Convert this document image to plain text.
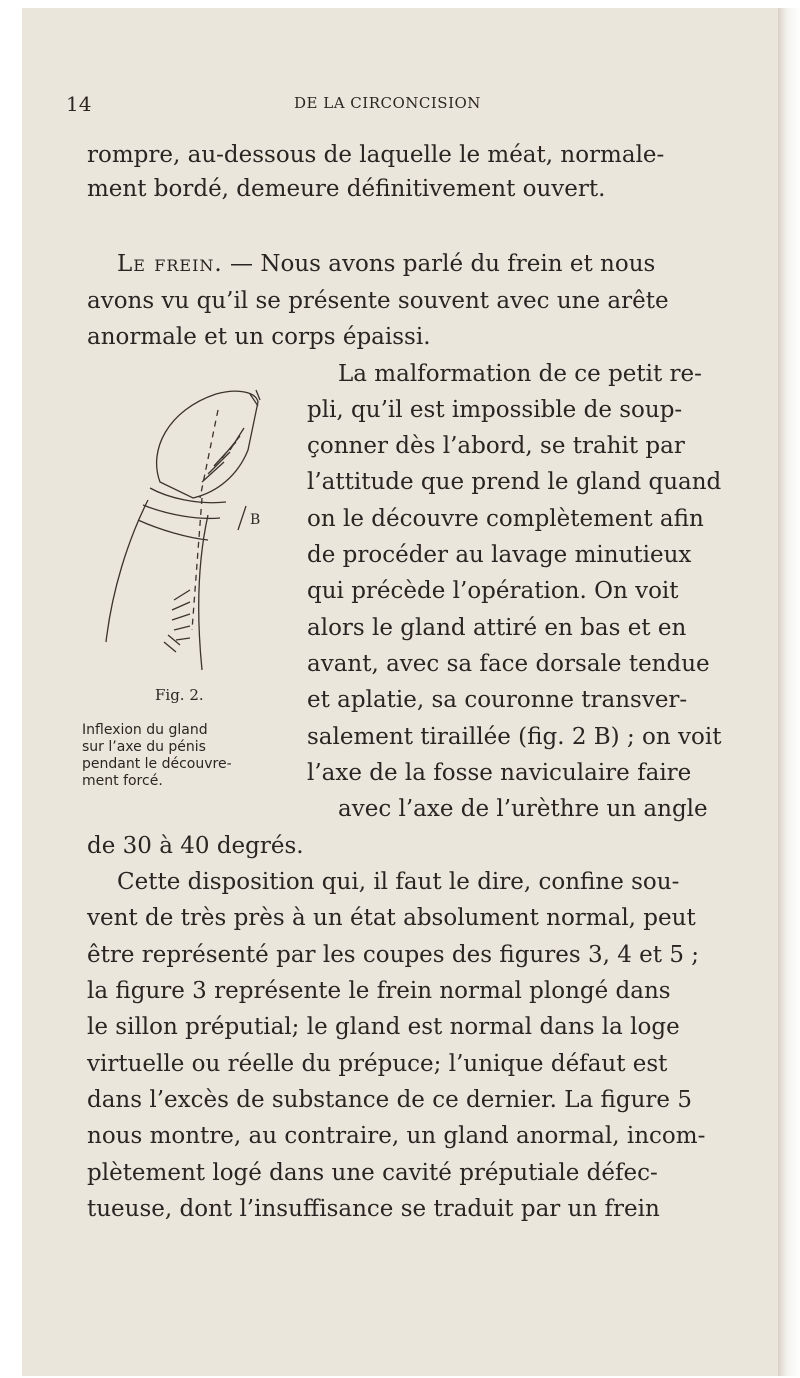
14	DE LA CIRCONCISION
rompre, au-dessous de laquelle le méat, normale-
ment bordé, demeure définitivement ouvert.
Le frein. — Nous avons parlé du frein et nous
avons vu qu’il se présente souvent avec une arête
anormale et un corps épaissi.
La malformation de ce petit re-
pli, qu’il est impossible de soup-
çonner dès l’abord, se trahit par
l’attitude que prend le gland quand
on le découvre complètement afin
de procéder au lavage minutieux
qui précède l’opération. On voit
alors le gland attiré en bas et en
avant, avec sa face dorsale tendue
et aplatie, sa couronne transver-
salement tiraillée (fig. 2 B) ; on voit
l’axe de la fosse naviculaire faire
avec l’axe de l’urèthre un angle
de 30 à 40 degrés.
Cette disposition qui, il faut le dire, confine sou-
vent de très près à un état absolument normal, peut
être représenté par les coupes des figures 3, 4 et 5 ;
la figure 3 représente le frein normal plongé dans
le sillon préputial; le gland est normal dans la loge
virtuelle ou réelle du prépuce; l’unique défaut est
dans l’excès de substance de ce dernier. La figure 5
nous montre, au contraire, un gland anormal, incom-
plètement logé dans une cavité préputiale défec-
tueuse, dont l’insuffisance se traduit par un frein
B
Fig. 2.
Inflexion du gland
sur l’axe du pénis
pendant le découvre-
ment forcé.
